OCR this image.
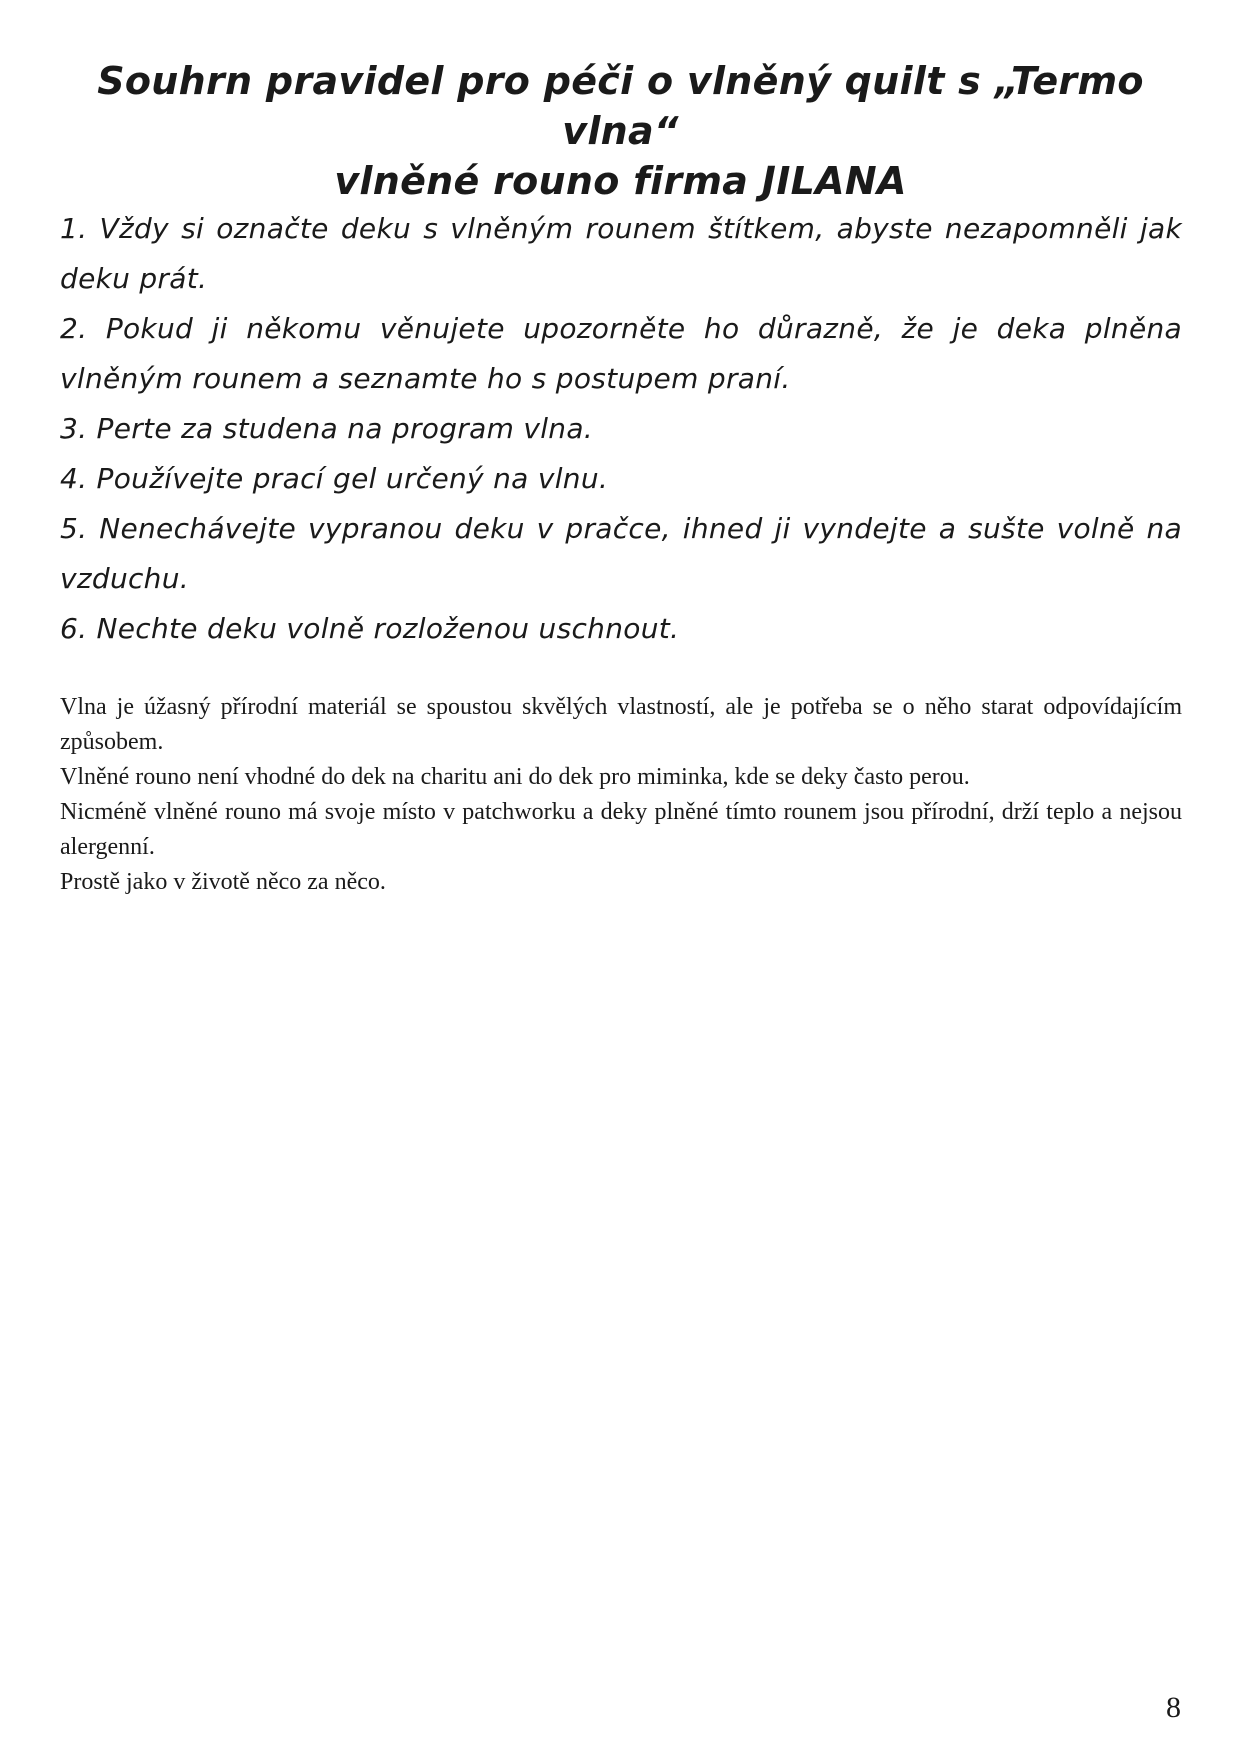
Souhrn pravidel pro péči o vlněný quilt s „Termo vlna“
vlněné rouno firma JILANA
1. Vždy si označte deku s vlněným rounem štítkem, abyste nezapomněli jak deku prát.
2. Pokud ji někomu věnujete upozorněte ho důrazně, že je deka plněna vlněným rounem a seznamte ho s postupem praní.
3. Perte za studena na program vlna.
4. Používejte prací gel určený na vlnu.
5. Nenechávejte vypranou deku v pračce, ihned ji vyndejte a sušte volně na vzduchu.
6. Nechte deku volně rozloženou uschnout.

Vlna je úžasný přírodní materiál se spoustou skvělých vlastností, ale je potřeba se o něho starat odpovídajícím způsobem.

Vlněné rouno není vhodné do dek na charitu ani do dek pro miminka, kde se deky často perou.

Nicméně vlněné rouno má svoje místo v patchworku a deky plněné tímto rounem jsou přírodní, drží teplo a nejsou alergenní.

Prostě jako v životě něco za něco.

8
